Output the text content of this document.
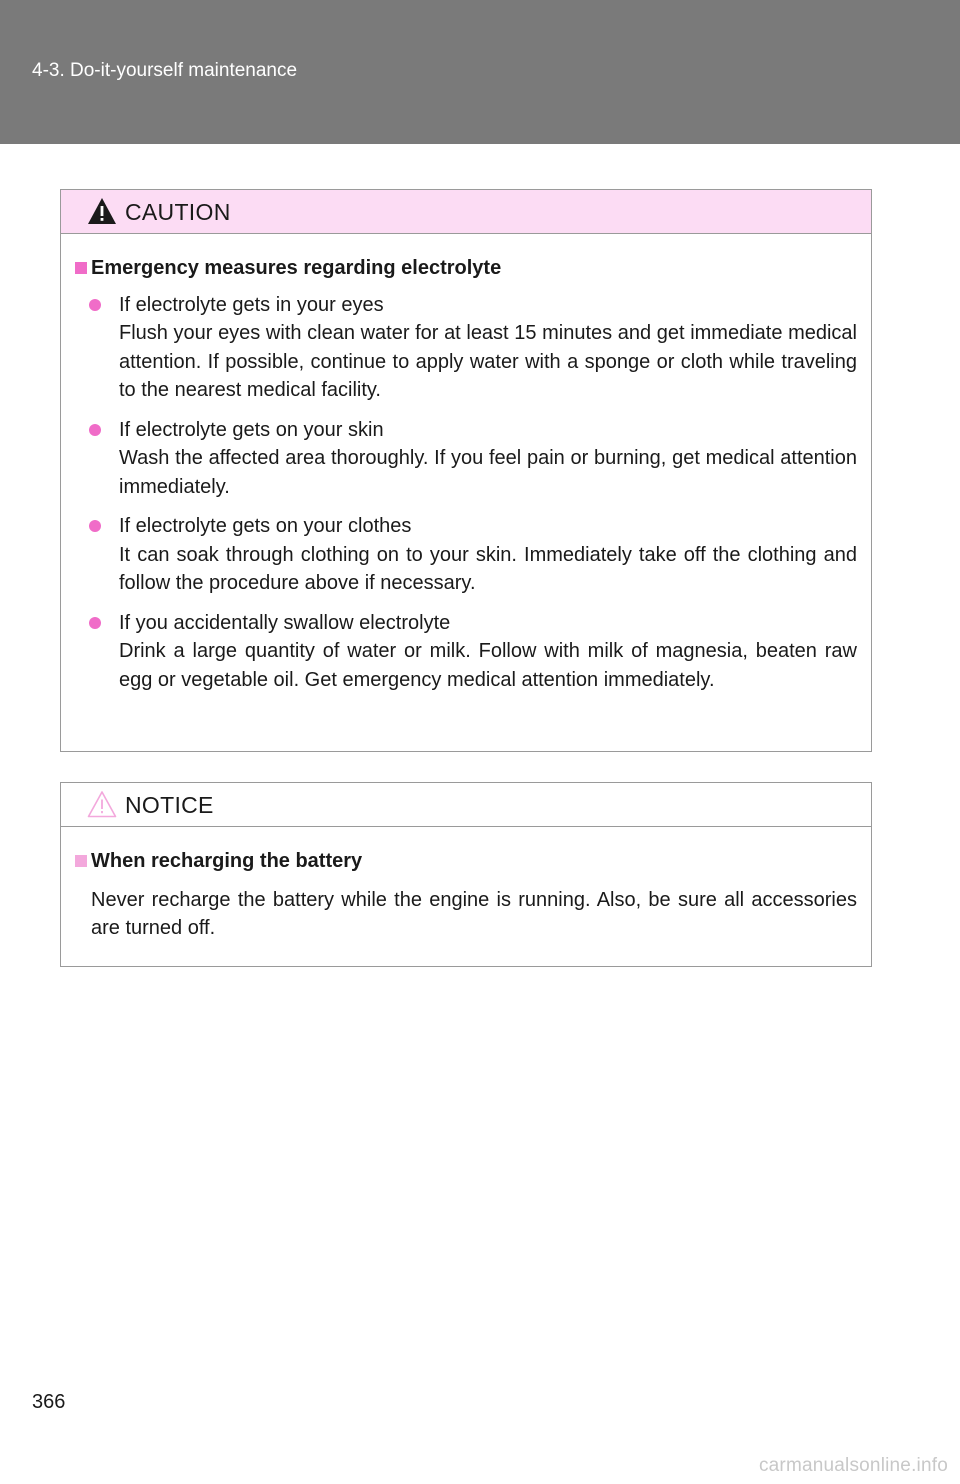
4-3. Do-it-yourself maintenance
CAUTION
Emergency measures regarding electrolyte
If electrolyte gets in your eyes
Flush your eyes with clean water for at least 15 minutes and get immediate medical attention. If possible, continue to apply water with a sponge or cloth while traveling to the nearest medical facility.
If electrolyte gets on your skin
Wash the affected area thoroughly. If you feel pain or burning, get medical attention immediately.
If electrolyte gets on your clothes
It can soak through clothing on to your skin. Immediately take off the clothing and follow the procedure above if necessary.
If you accidentally swallow electrolyte
Drink a large quantity of water or milk. Follow with milk of magnesia, beaten raw egg or vegetable oil. Get emergency medical attention immediately.
NOTICE
When recharging the battery
Never recharge the battery while the engine is running. Also, be sure all accessories are turned off.
366
carmanualsonline.info
